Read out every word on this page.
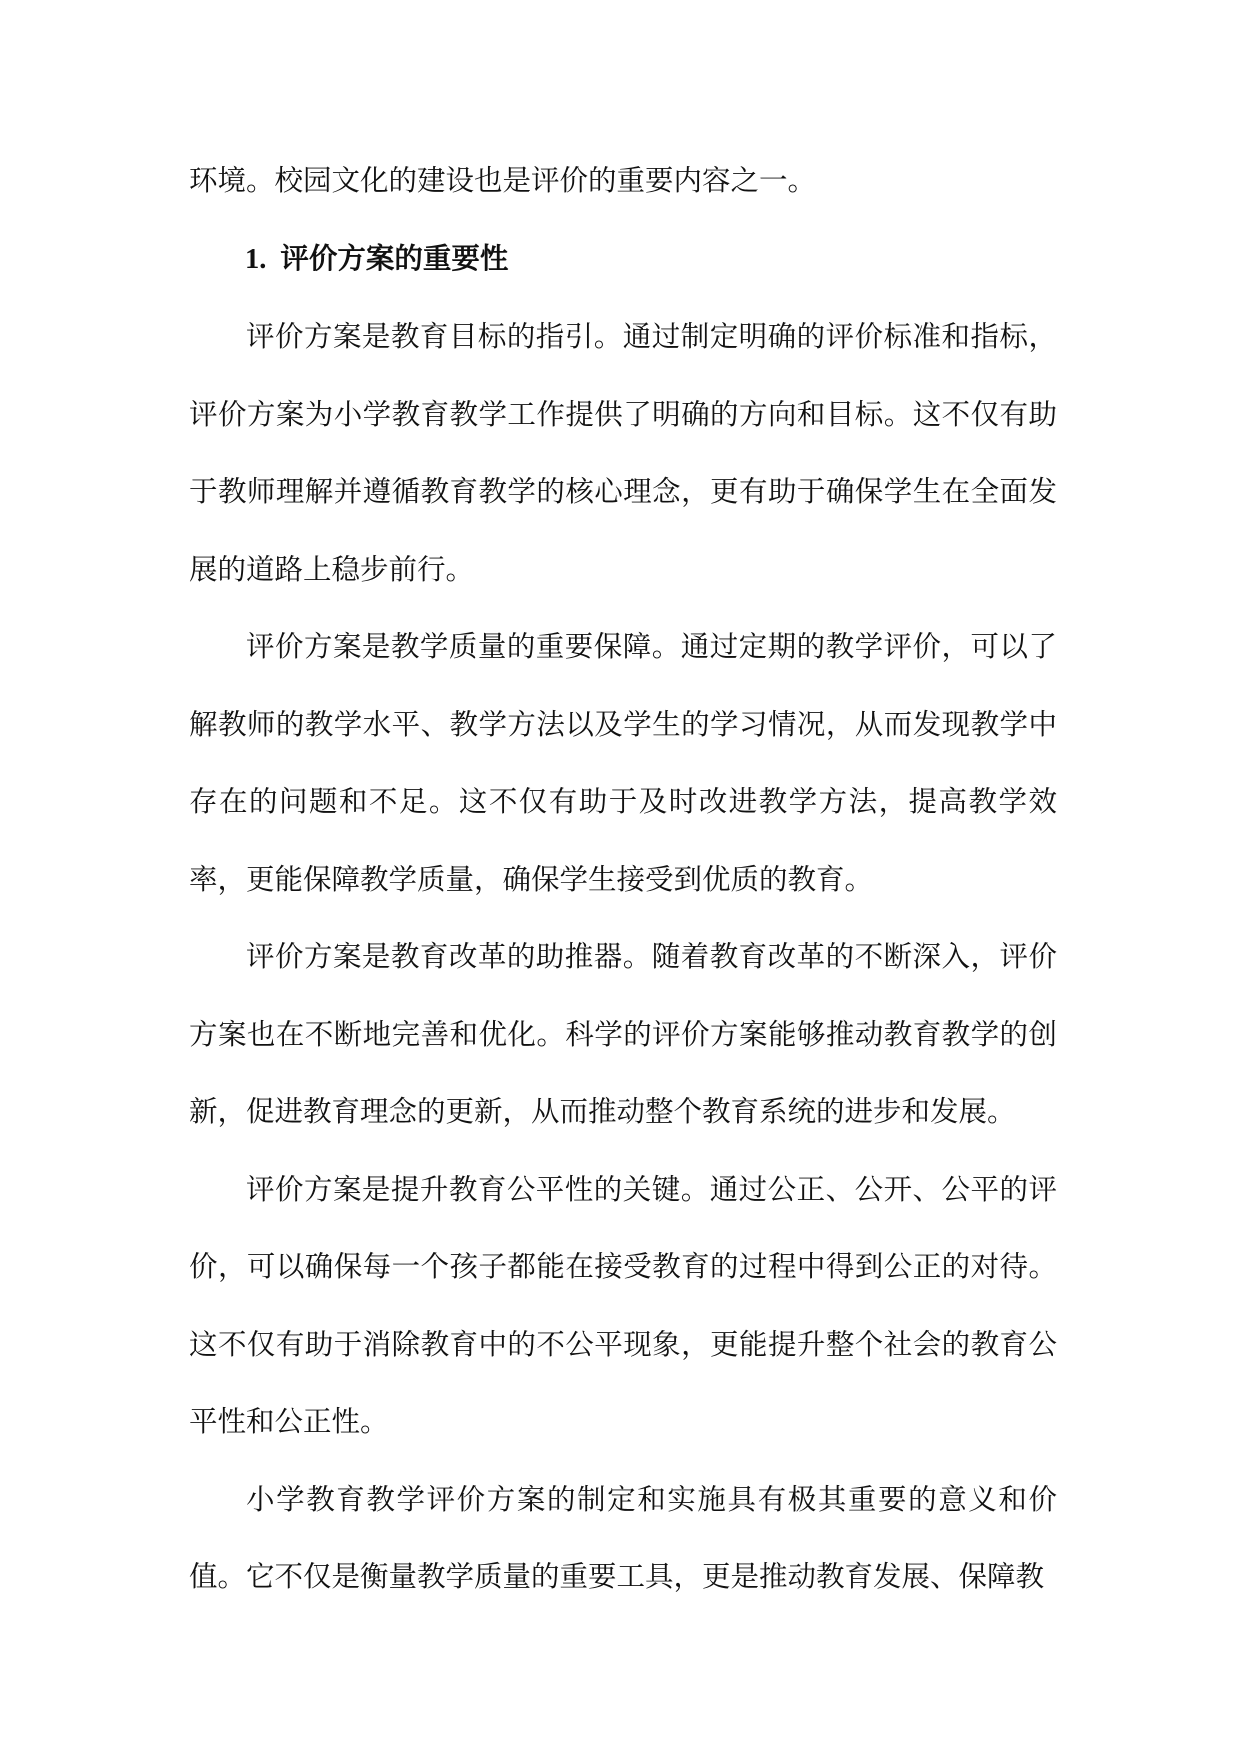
环境。校园文化的建设也是评价的重要内容之一。

1. 评价方案的重要性

评价方案是教育目标的指引。通过制定明确的评价标准和指标，评价方案为小学教育教学工作提供了明确的方向和目标。这不仅有助于教师理解并遵循教育教学的核心理念，更有助于确保学生在全面发展的道路上稳步前行。

评价方案是教学质量的重要保障。通过定期的教学评价，可以了解教师的教学水平、教学方法以及学生的学习情况，从而发现教学中存在的问题和不足。这不仅有助于及时改进教学方法，提高教学效率，更能保障教学质量，确保学生接受到优质的教育。

评价方案是教育改革的助推器。随着教育改革的不断深入，评价方案也在不断地完善和优化。科学的评价方案能够推动教育教学的创新，促进教育理念的更新，从而推动整个教育系统的进步和发展。

评价方案是提升教育公平性的关键。通过公正、公开、公平的评价，可以确保每一个孩子都能在接受教育的过程中得到公正的对待。这不仅有助于消除教育中的不公平现象，更能提升整个社会的教育公平性和公正性。

小学教育教学评价方案的制定和实施具有极其重要的意义和价值。它不仅是衡量教学质量的重要工具，更是推动教育发展、保障教
